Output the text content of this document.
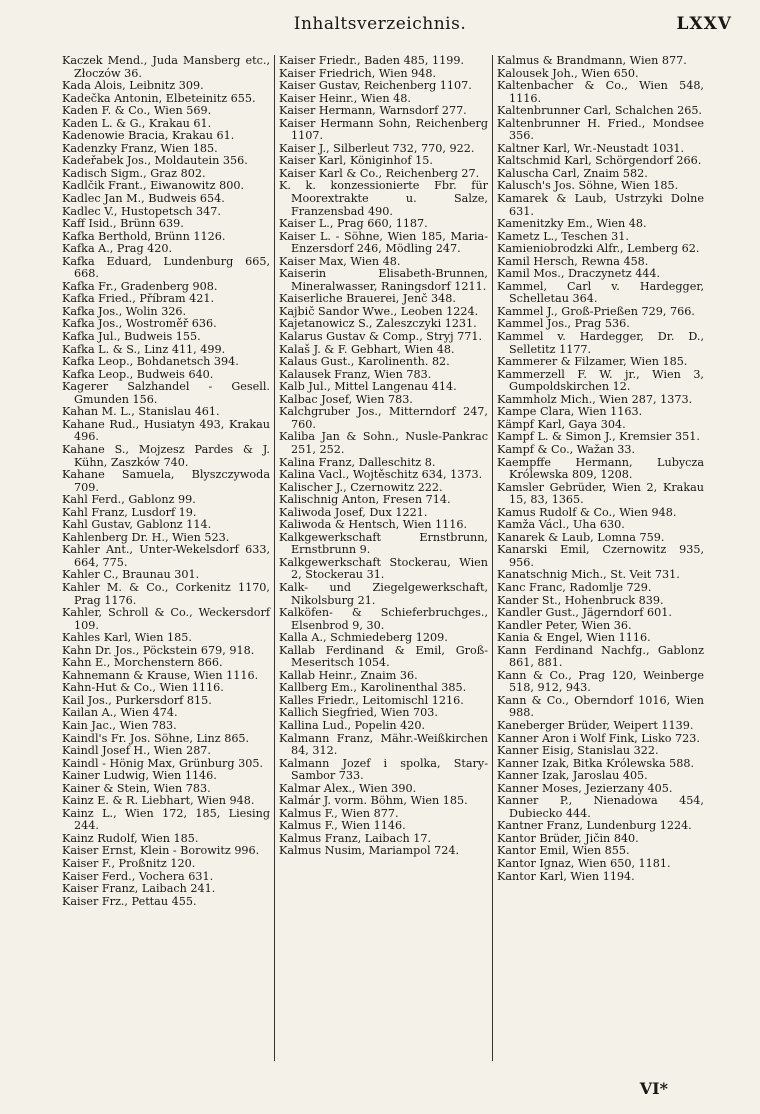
Inhaltsverzeichnis.	LXXV
Kaczek Mend., Juda Mansberg etc., Złoczów 36.
Kada Alois, Leibnitz 309.
Kadečka Antonin, Elbeteinitz 655.
Kaden F. & Co., Wien 569.
Kaden L. & G., Krakau 61.
Kadenowie Bracia, Krakau 61.
Kadenzky Franz, Wien 185.
Kadeřabek Jos., Moldautein 356.
Kadisch Sigm., Graz 802.
Kadlčik Frant., Eiwanowitz 800.
Kadlec Jan M., Budweis 654.
Kadlec V., Hustopetsch 347.
Kaff Isid., Brünn 639.
Kafka Berthold, Brünn 1126.
Kafka A., Prag 420.
Kafka Eduard, Lundenburg 665, 668.
Kafka Fr., Gradenberg 908.
Kafka Fried., Příbram 421.
Kafka Jos., Wolin 326.
Kafka Jos., Wostroměř 636.
Kafka Jul., Budweis 155.
Kafka L. & S., Linz 411, 499.
Kafka Leop., Bohdanetsch 394.
Kafka Leop., Budweis 640.
Kagerer Salzhandel - Gesell. Gmunden 156.
Kahan M. L., Stanislau 461.
Kahane Rud., Husiatyn 493, Krakau 496.
Kahane S., Mojzesz Pardes & J. Kühn, Zaszków 740.
Kahane Samuela, Blyszczywoda 709.
Kahl Ferd., Gablonz 99.
Kahl Franz, Lusdorf 19.
Kahl Gustav, Gablonz 114.
Kahlenberg Dr. H., Wien 523.
Kahler Ant., Unter-Wekelsdorf 633, 664, 775.
Kahler C., Braunau 301.
Kahler M. & Co., Corkenitz 1170, Prag 1176.
Kahler, Schroll & Co., Weckersdorf 109.
Kahles Karl, Wien 185.
Kahn Dr. Jos., Pöckstein 679, 918.
Kahn E., Morchenstern 866.
Kahnemann & Krause, Wien 1116.
Kahn-Hut & Co., Wien 1116.
Kail Jos., Purkersdorf 815.
Kailan A., Wien 474.
Kain Jac., Wien 783.
Kaindl's Fr. Jos. Söhne, Linz 865.
Kaindl Josef H., Wien 287.
Kaindl - Hönig Max, Grünburg 305.
Kainer Ludwig, Wien 1146.
Kainer & Stein, Wien 783.
Kainz E. & R. Liebhart, Wien 948.
Kainz L., Wien 172, 185, Liesing 244.
Kainz Rudolf, Wien 185.
Kaiser Ernst, Klein - Borowitz 996.
Kaiser F., Proßnitz 120.
Kaiser Ferd., Vochera 631.
Kaiser Franz, Laibach 241.
Kaiser Frz., Pettau 455.
Kaiser Friedr., Baden 485, 1199.
Kaiser Friedrich, Wien 948.
Kaiser Gustav, Reichenberg 1107.
Kaiser Heinr., Wien 48.
Kaiser Hermann, Warnsdorf 277.
Kaiser Hermann Sohn, Reichenberg 1107.
Kaiser J., Silberleut 732, 770, 922.
Kaiser Karl, Königinhof 15.
Kaiser Karl & Co., Reichenberg 27.
K. k. konzessionierte Fbr. für Moorextrakte u. Salze, Franzensbad 490.
Kaiser L., Prag 660, 1187.
Kaiser L. - Söhne, Wien 185, Maria-Enzersdorf 246, Mödling 247.
Kaiser Max, Wien 48.
Kaiserin Elisabeth-Brunnen, Mineralwasser, Raningsdorf 1211.
Kaiserliche Brauerei, Jenč 348.
Kajbič Sandor Wwe., Leoben 1224.
Kajetanowicz S., Zaleszczyki 1231.
Kalarus Gustav & Comp., Stryj 771.
Kalaš J. & F. Gebhart, Wien 48.
Kalaus Gust., Karolinenth. 82.
Kalausek Franz, Wien 783.
Kalb Jul., Mittel Langenau 414.
Kalbac Josef, Wien 783.
Kalchgruber Jos., Mitterndorf 247, 760.
Kaliba Jan & Sohn., Nusle-Pankrac 251, 252.
Kalina Franz, Dalleschitz 8.
Kalina Vacl., Wojtěschitz 634, 1373.
Kalischer J., Czernowitz 222.
Kalischnig Anton, Fresen 714.
Kaliwoda Josef, Dux 1221.
Kaliwoda & Hentsch, Wien 1116.
Kalkgewerkschaft Ernstbrunn, Ernstbrunn 9.
Kalkgewerkschaft Stockerau, Wien 2, Stockerau 31.
Kalk- und Ziegelgewerkschaft, Nikolsburg 21.
Kalköfen- & Schieferbruchges., Elsenbrod 9, 30.
Kalla A., Schmiedeberg 1209.
Kallab Ferdinand & Emil, Groß-Meseritsch 1054.
Kallab Heinr., Znaim 36.
Kallberg Em., Karolinenthal 385.
Kalles Friedr., Leitomischl 1216.
Kallich Siegfried, Wien 703.
Kallina Lud., Popelin 420.
Kalmann Franz, Mähr.-Weißkirchen 84, 312.
Kalmann Jozef i spolka, Stary-Sambor 733.
Kalmar Alex., Wien 390.
Kalmár J. vorm. Böhm, Wien 185.
Kalmus F., Wien 877.
Kalmus F., Wien 1146.
Kalmus Franz, Laibach 17.
Kalmus Nusim, Mariampol 724.
Kalmus & Brandmann, Wien 877.
Kalousek Joh., Wien 650.
Kaltenbacher & Co., Wien 548, 1116.
Kaltenbrunner Carl, Schalchen 265.
Kaltenbrunner H. Fried., Mondsee 356.
Kaltner Karl, Wr.-Neustadt 1031.
Kaltschmid Karl, Schörgendorf 266.
Kaluscha Carl, Znaim 582.
Kalusch's Jos. Söhne, Wien 185.
Kamarek & Laub, Ustrzyki Dolne 631.
Kamenitzky Em., Wien 48.
Kametz L., Teschen 31.
Kamieniobrodzki Alfr., Lemberg 62.
Kamil Hersch, Rewna 458.
Kamil Mos., Draczynetz 444.
Kammel, Carl v. Hardegger, Schelletau 364.
Kammel J., Groß-Prießen 729, 766.
Kammel Jos., Prag 536.
Kammel v. Hardegger, Dr. D., Selletitz 1177.
Kammerer & Filzamer, Wien 185.
Kammerzell F. W. jr., Wien 3, Gumpoldskirchen 12.
Kammholz Mich., Wien 287, 1373.
Kampe Clara, Wien 1163.
Kämpf Karl, Gaya 304.
Kampf L. & Simon J., Kremsier 351.
Kampf & Co., Wažan 33.
Kaempffe Hermann, Lubycza Królewska 809, 1208.
Kamsler Gebrüder, Wien 2, Krakau 15, 83, 1365.
Kamus Rudolf & Co., Wien 948.
Kamža Václ., Uha 630.
Kanarek & Laub, Lomna 759.
Kanarski Emil, Czernowitz 935, 956.
Kanatschnig Mich., St. Veit 731.
Kanc Franc, Radomlje 729.
Kander St., Hohenbruck 839.
Kandler Gust., Jägerndorf 601.
Kandler Peter, Wien 36.
Kania & Engel, Wien 1116.
Kann Ferdinand Nachfg., Gablonz 861, 881.
Kann & Co., Prag 120, Weinberge 518, 912, 943.
Kann & Co., Oberndorf 1016, Wien 988.
Kaneberger Brüder, Weipert 1139.
Kanner Aron i Wolf Fink, Lisko 723.
Kanner Eisig, Stanislau 322.
Kanner Izak, Bitka Królewska 588.
Kanner Izak, Jaroslau 405.
Kanner Moses, Jezierzany 405.
Kanner P., Nienadowa 454, Dubiecko 444.
Kantner Franz, Lundenburg 1224.
Kantor Brüder, Jičin 840.
Kantor Emil, Wien 855.
Kantor Ignaz, Wien 650, 1181.
Kantor Karl, Wien 1194.
VI*
